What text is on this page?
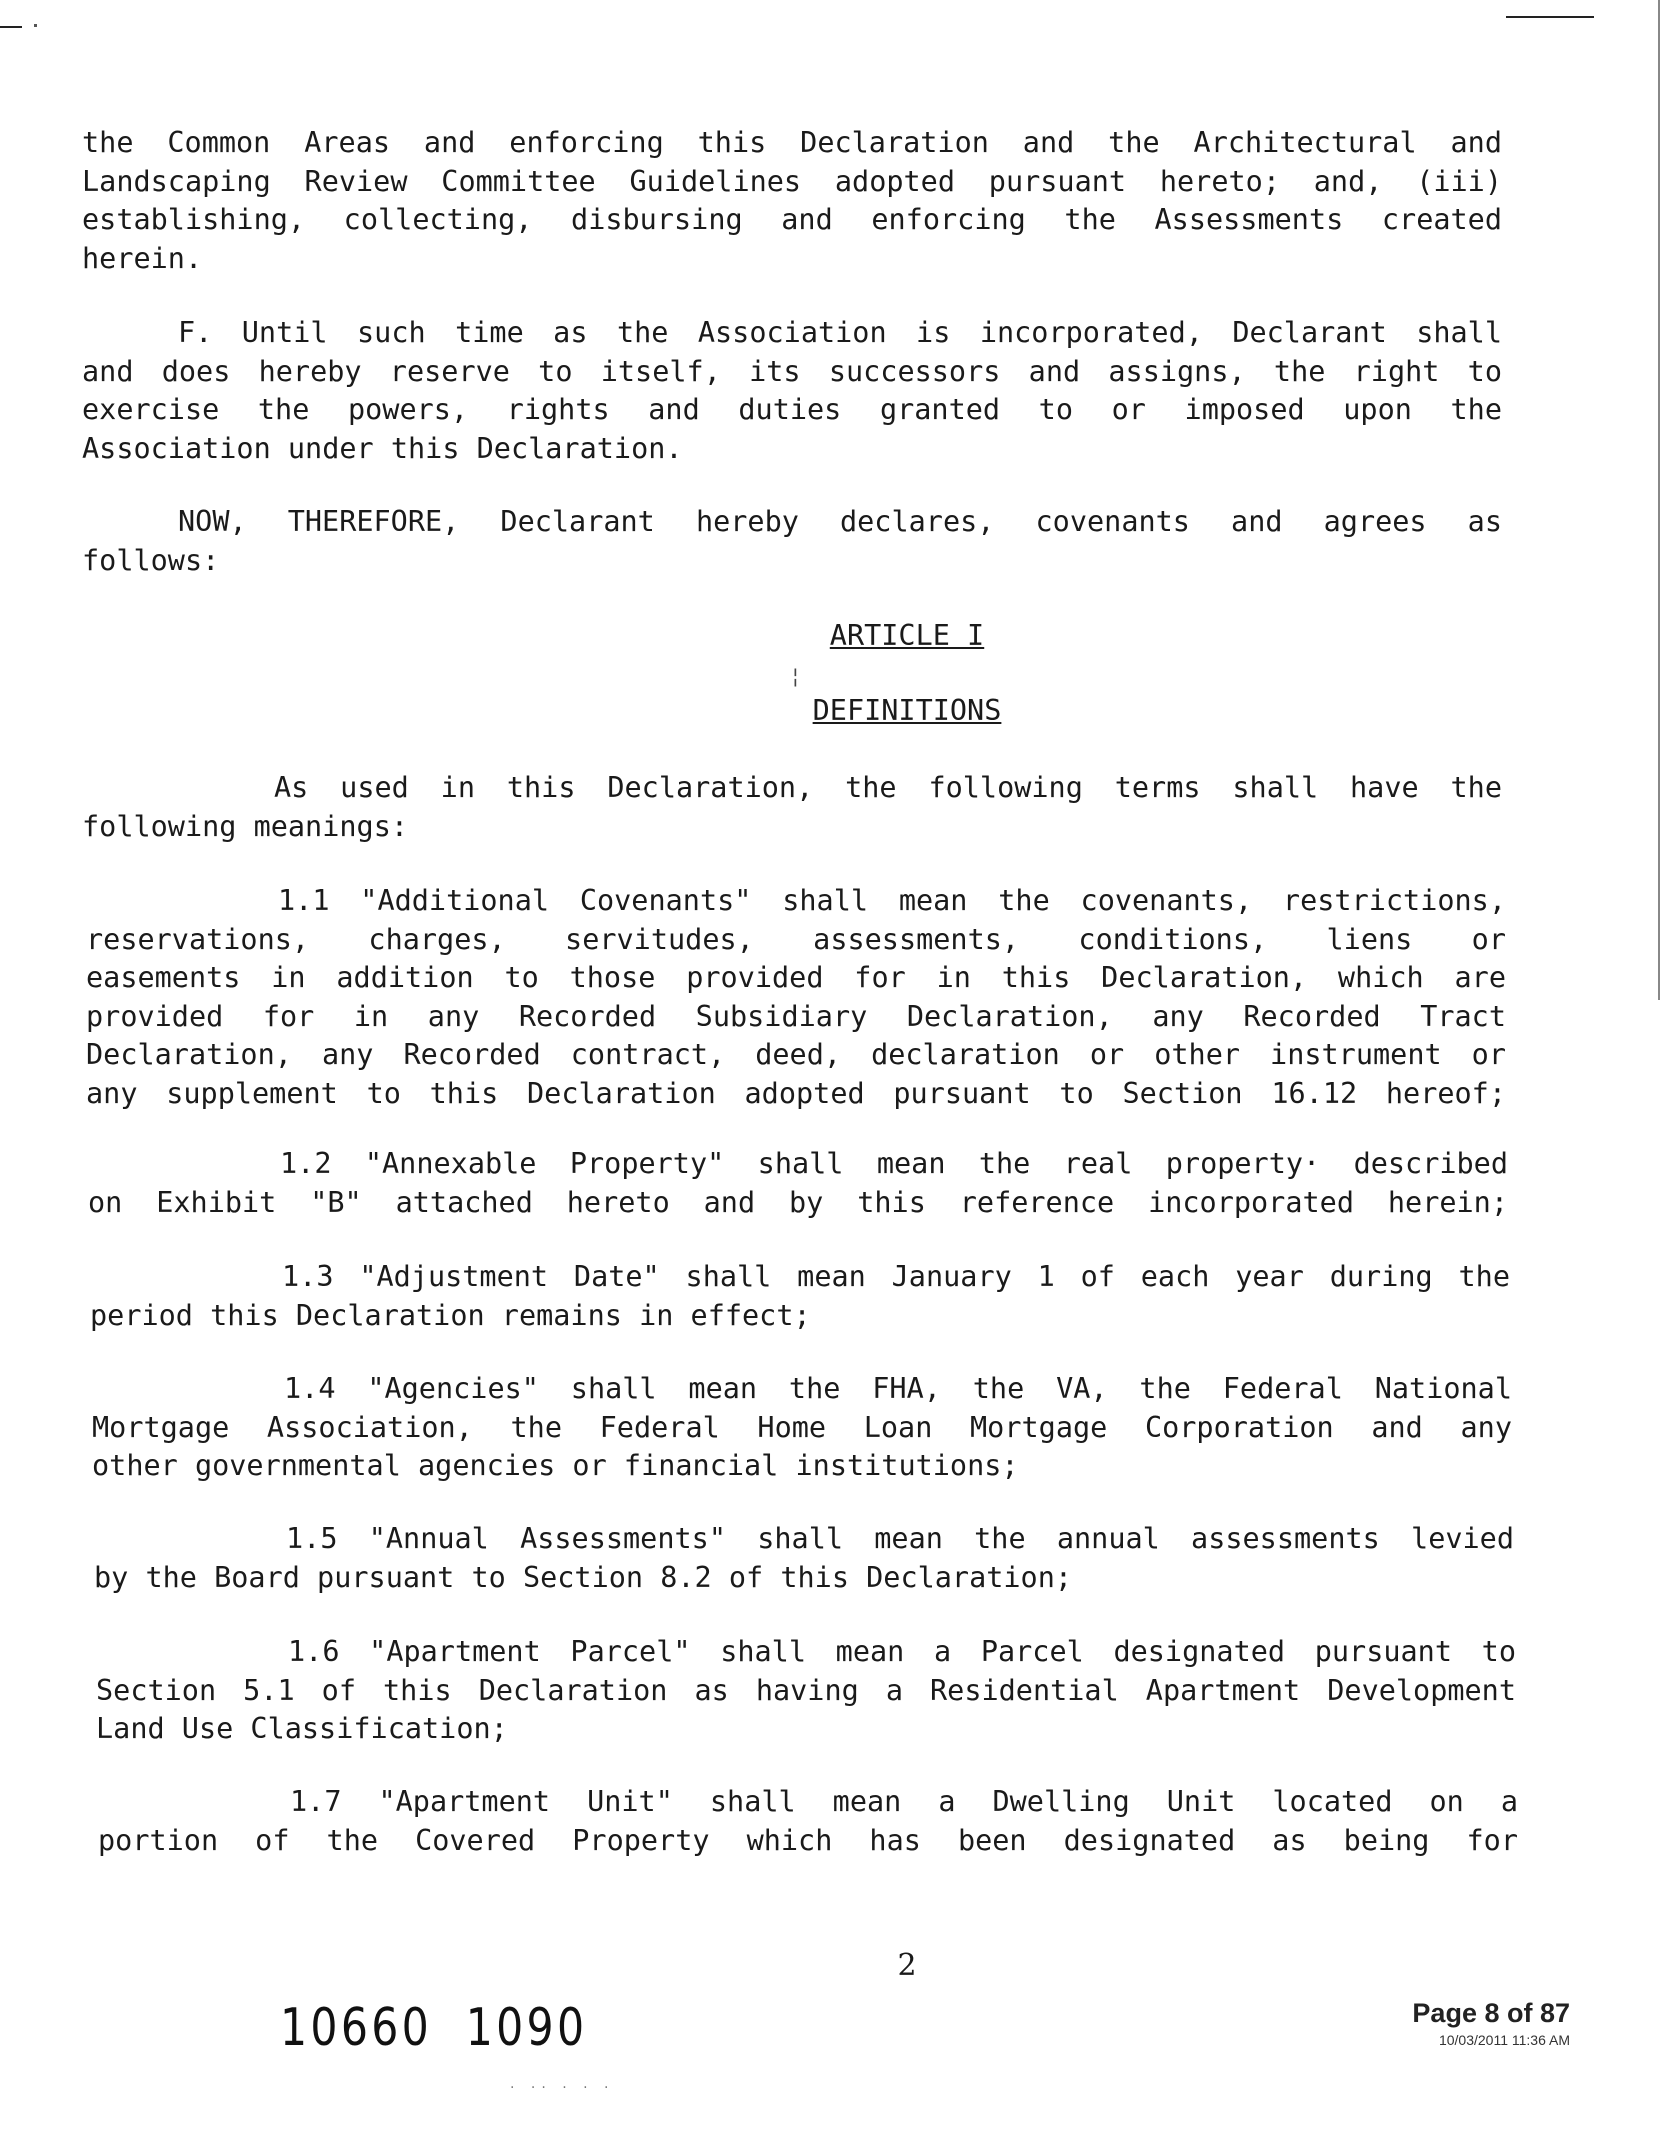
the Common Areas and enforcing this Declaration and the Architectural and
Landscaping Review Committee Guidelines adopted pursuant hereto; and, (iii)
establishing, collecting, disbursing and enforcing the Assessments created
herein.
F. Until such time as the Association is incorporated, Declarant shall
and does hereby reserve to itself, its successors and assigns, the right to
exercise the powers, rights and duties granted to or imposed upon the
Association under this Declaration.
NOW, THEREFORE, Declarant hereby declares, covenants and agrees as
follows:
ARTICLE I
¦
DEFINITIONS
As used in this Declaration, the following terms shall have the
following meanings:
1.1 "Additional Covenants" shall mean the covenants, restrictions,
reservations, charges, servitudes, assessments, conditions, liens or
easements in addition to those provided for in this Declaration, which are
provided for in any Recorded Subsidiary Declaration, any Recorded Tract
Declaration, any Recorded contract, deed, declaration or other instrument or
any supplement to this Declaration adopted pursuant to Section 16.12 hereof;
1.2 "Annexable Property" shall mean the real property· described
on Exhibit "B" attached hereto and by this reference incorporated herein;
1.3 "Adjustment Date" shall mean January 1 of each year during the
period this Declaration remains in effect;
1.4 "Agencies" shall mean the FHA, the VA, the Federal National
Mortgage Association, the Federal Home Loan Mortgage Corporation and any
other governmental agencies or financial institutions;
1.5 "Annual Assessments" shall mean the annual assessments levied
by the Board pursuant to Section 8.2 of this Declaration;
1.6 "Apartment Parcel" shall mean a Parcel designated pursuant to
Section 5.1 of this Declaration as having a Residential Apartment Development
Land Use Classification;
1.7 "Apartment Unit" shall mean a Dwelling Unit located on a
portion of the Covered Property which has been designated as being for
2
10660  1090	Page 8 of 87
10/03/2011 11:36 AM
· ·· · · ·
